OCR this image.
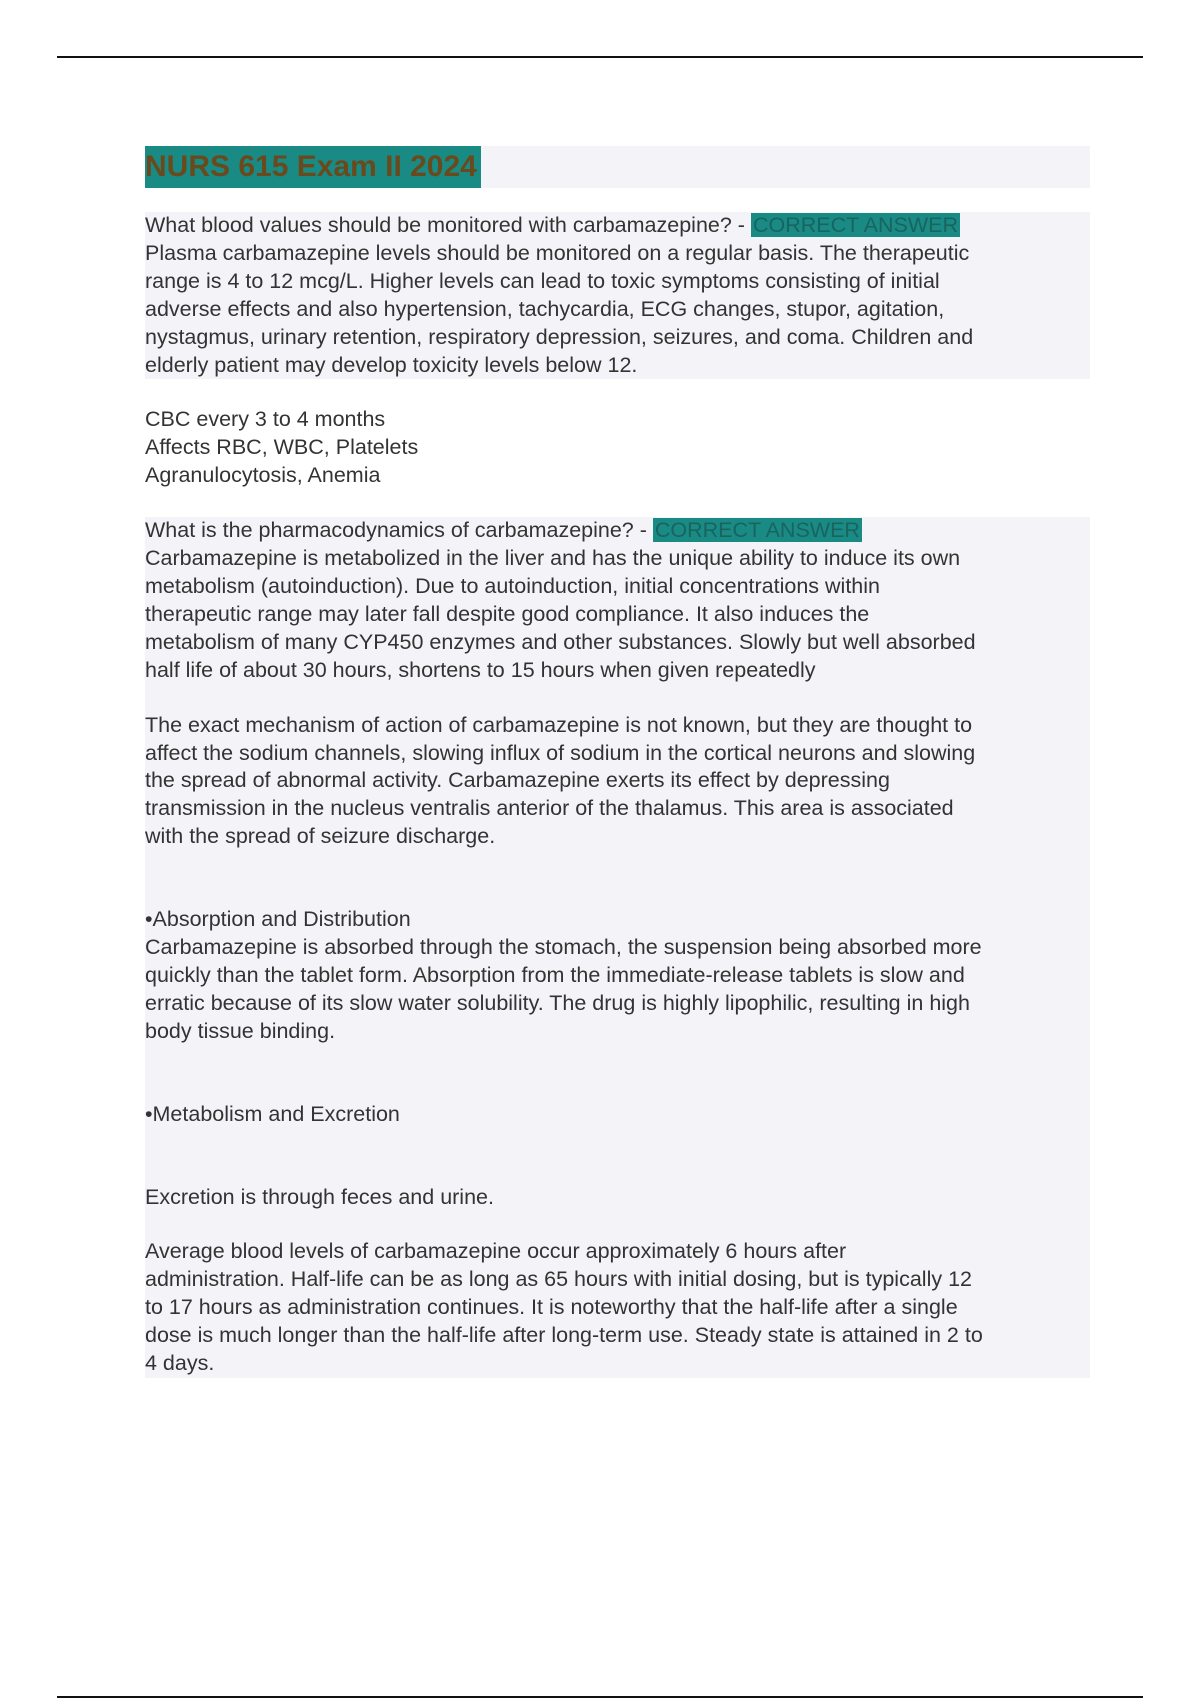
NURS 615 Exam II 2024
What blood values should be monitored with carbamazepine? - CORRECT ANSWER
Plasma carbamazepine levels should be monitored on a regular basis. The therapeutic
range is 4 to 12 mcg/L. Higher levels can lead to toxic symptoms consisting of initial
adverse effects and also hypertension, tachycardia, ECG changes, stupor, agitation,
nystagmus, urinary retention, respiratory depression, seizures, and coma. Children and
elderly patient may develop toxicity levels below 12.
CBC every 3 to 4 months
Affects RBC, WBC, Platelets
Agranulocytosis, Anemia
What is the pharmacodynamics of carbamazepine? - CORRECT ANSWER
Carbamazepine is metabolized in the liver and has the unique ability to induce its own
metabolism (autoinduction). Due to autoinduction, initial concentrations within
therapeutic range may later fall despite good compliance. It also induces the
metabolism of many CYP450 enzymes and other substances. Slowly but well absorbed
half life of about 30 hours, shortens to 15 hours when given repeatedly
The exact mechanism of action of carbamazepine is not known, but they are thought to
affect the sodium channels, slowing influx of sodium in the cortical neurons and slowing
the spread of abnormal activity. Carbamazepine exerts its effect by depressing
transmission in the nucleus ventralis anterior of the thalamus. This area is associated
with the spread of seizure discharge.
•Absorption and Distribution
Carbamazepine is absorbed through the stomach, the suspension being absorbed more
quickly than the tablet form. Absorption from the immediate-release tablets is slow and
erratic because of its slow water solubility. The drug is highly lipophilic, resulting in high
body tissue binding.
•Metabolism and Excretion
Excretion is through feces and urine.
Average blood levels of carbamazepine occur approximately 6 hours after
administration. Half-life can be as long as 65 hours with initial dosing, but is typically 12
to 17 hours as administration continues. It is noteworthy that the half-life after a single
dose is much longer than the half-life after long-term use. Steady state is attained in 2 to
4 days.
